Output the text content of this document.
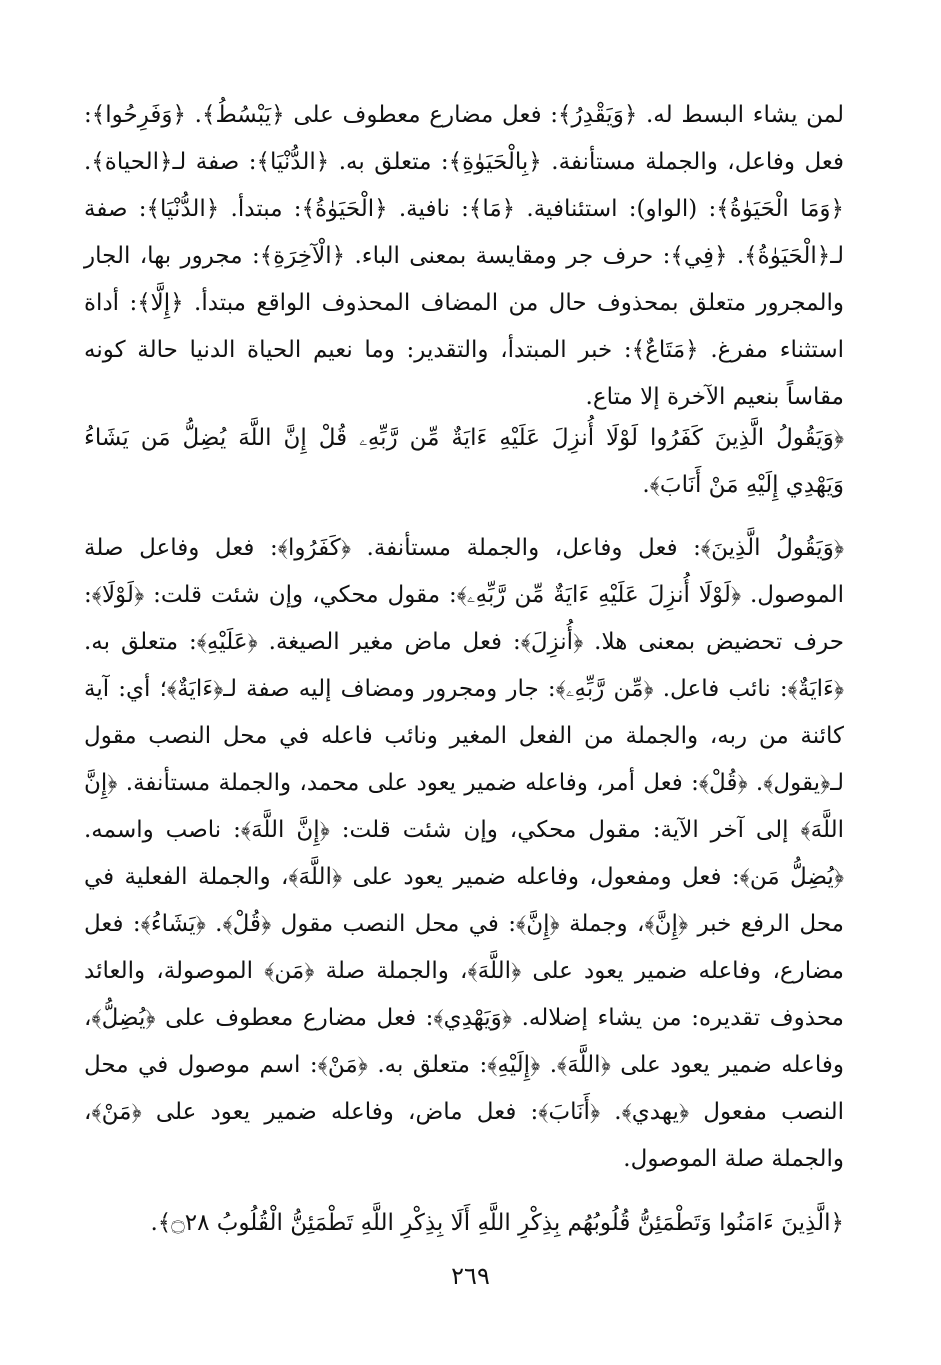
لمن يشاء البسط له. ﴿وَيَقْدِرُ﴾: فعل مضارع معطوف على ﴿يَبْسُطُ﴾. ﴿وَفَرِحُوا﴾: فعل وفاعل، والجملة مستأنفة. ﴿بِالْحَيَوٰةِ﴾: متعلق به. ﴿الدُّنْيَا﴾: صفة لـ﴿الحياة﴾. ﴿وَمَا الْحَيَوٰةُ﴾: (الواو): استئنافية. ﴿مَا﴾: نافية. ﴿الْحَيَوٰةُ﴾: مبتدأ. ﴿الدُّنْيَا﴾: صفة لـ﴿الْحَيَوٰةُ﴾. ﴿فِي﴾: حرف جر ومقايسة بمعنى الباء. ﴿الْآخِرَةِ﴾: مجرور بها، الجار والمجرور متعلق بمحذوف حال من المضاف المحذوف الواقع مبتدأ. ﴿إِلَّا﴾: أداة استثناء مفرغ. ﴿مَتَاعٌ﴾: خبر المبتدأ، والتقدير: وما نعيم الحياة الدنيا حالة كونه مقاساً بنعيم الآخرة إلا متاع.

﴿وَيَقُولُ الَّذِينَ كَفَرُوا لَوْلَا أُنزِلَ عَلَيْهِ ءَايَةٌ مِّن رَّبِّهِۦ قُلْ إِنَّ اللَّهَ يُضِلُّ مَن يَشَاءُ وَيَهْدِي إِلَيْهِ مَنْ أَنَابَ﴾.

﴿وَيَقُولُ الَّذِينَ﴾: فعل وفاعل، والجملة مستأنفة. ﴿كَفَرُوا﴾: فعل وفاعل صلة الموصول. ﴿لَوْلَا أُنزِلَ عَلَيْهِ ءَايَةٌ مِّن رَّبِّهِۦ﴾: مقول محكي، وإن شئت قلت: ﴿لَوْلَا﴾: حرف تحضيض بمعنى هلا. ﴿أُنزِلَ﴾: فعل ماض مغير الصيغة. ﴿عَلَيْهِ﴾: متعلق به. ﴿ءَايَةٌ﴾: نائب فاعل. ﴿مِّن رَّبِّهِۦ﴾: جار ومجرور ومضاف إليه صفة لـ﴿ءَايَةٌ﴾؛ أي: آية كائنة من ربه، والجملة من الفعل المغير ونائب فاعله في محل النصب مقول لـ﴿يقول﴾. ﴿قُلْ﴾: فعل أمر، وفاعله ضمير يعود على محمد، والجملة مستأنفة. ﴿إِنَّ اللَّهَ﴾ إلى آخر الآية: مقول محكي، وإن شئت قلت: ﴿إِنَّ اللَّهَ﴾: ناصب واسمه. ﴿يُضِلُّ مَن﴾: فعل ومفعول، وفاعله ضمير يعود على ﴿اللَّهَ﴾، والجملة الفعلية في محل الرفع خبر ﴿إِنَّ﴾، وجملة ﴿إِنَّ﴾: في محل النصب مقول ﴿قُلْ﴾. ﴿يَشَاءُ﴾: فعل مضارع، وفاعله ضمير يعود على ﴿اللَّهَ﴾، والجملة صلة ﴿مَن﴾ الموصولة، والعائد محذوف تقديره: من يشاء إضلاله. ﴿وَيَهْدِي﴾: فعل مضارع معطوف على ﴿يُضِلُّ﴾، وفاعله ضمير يعود على ﴿اللَّهَ﴾. ﴿إِلَيْهِ﴾: متعلق به. ﴿مَنْ﴾: اسم موصول في محل النصب مفعول ﴿يهدي﴾. ﴿أَنَابَ﴾: فعل ماض، وفاعله ضمير يعود على ﴿مَنْ﴾، والجملة صلة الموصول.

﴿الَّذِينَ ءَامَنُوا وَتَطْمَئِنُّ قُلُوبُهُم بِذِكْرِ اللَّهِ أَلَا بِذِكْرِ اللَّهِ تَطْمَئِنُّ الْقُلُوبُ ۝٢٨﴾.

٢٦٩
